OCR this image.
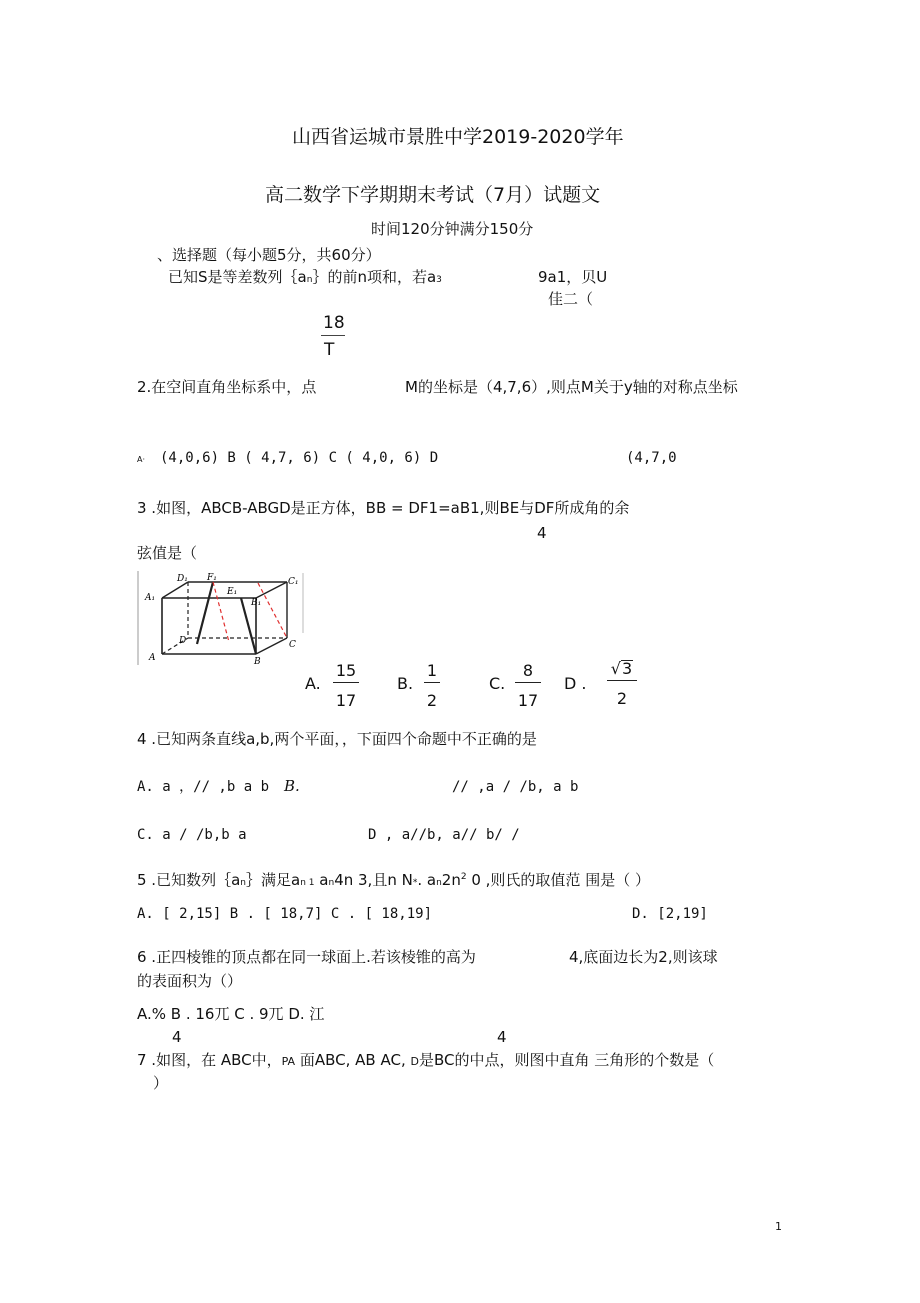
山西省运城市景胜中学2019-2020学年
高二数学下学期期末考试（7月）试题文
时间120分钟满分150分
、选择题（每小题5分，共60分）
已知S是等差数列｛an｝的前n项和，若a3	9a1，贝U
佳二（
18
T
2.在空间直角坐标系中，点	M的坐标是（4,7,6）,则点M关于y轴的对称点坐标
A· (4,0,6) B ( 4,7, 6) C ( 4,0, 6) D	(4,7,0
3 .如图，ABCB-ABGD是正方体，BB = DF1=aB1,则BE与DF所成角的余
4
弦值是（
D₁ F₁
E₁
C₁
A₁	B₁
D
A	B
C
A. $\frac{15}{17} B$. $\frac{1}{2}$	C. $\frac{8}{17}$ D . $\frac{√3}{2}$
4 .已知两条直线a,b,两个平面，，下面四个命题中不正确的是
A. a ，// ,b a b B.	// ,a / /b, a b
C. a / /b,b a	D , a//b, a// b/ /
5 .已知数列｛an｝满足an 1 an4n 3,且n N*. $an2n^2$ 0 ,则氏的取值范 围是（ ）
A. [ 2,15] B . [ 18,7] C . [ 18,19]	D. [2,19]
6 .正四棱锥的顶点都在同一球面上.若该棱锥的高为	4,底面边长为2,则该球
的表面积为（）
A.% B . 16兀 C . 9兀 D. 江
4	4
7 .如图，在 ABC中，PA 面ABC, AB AC, D是BC的中点，则图中直角 三角形的个数是（
）
1
